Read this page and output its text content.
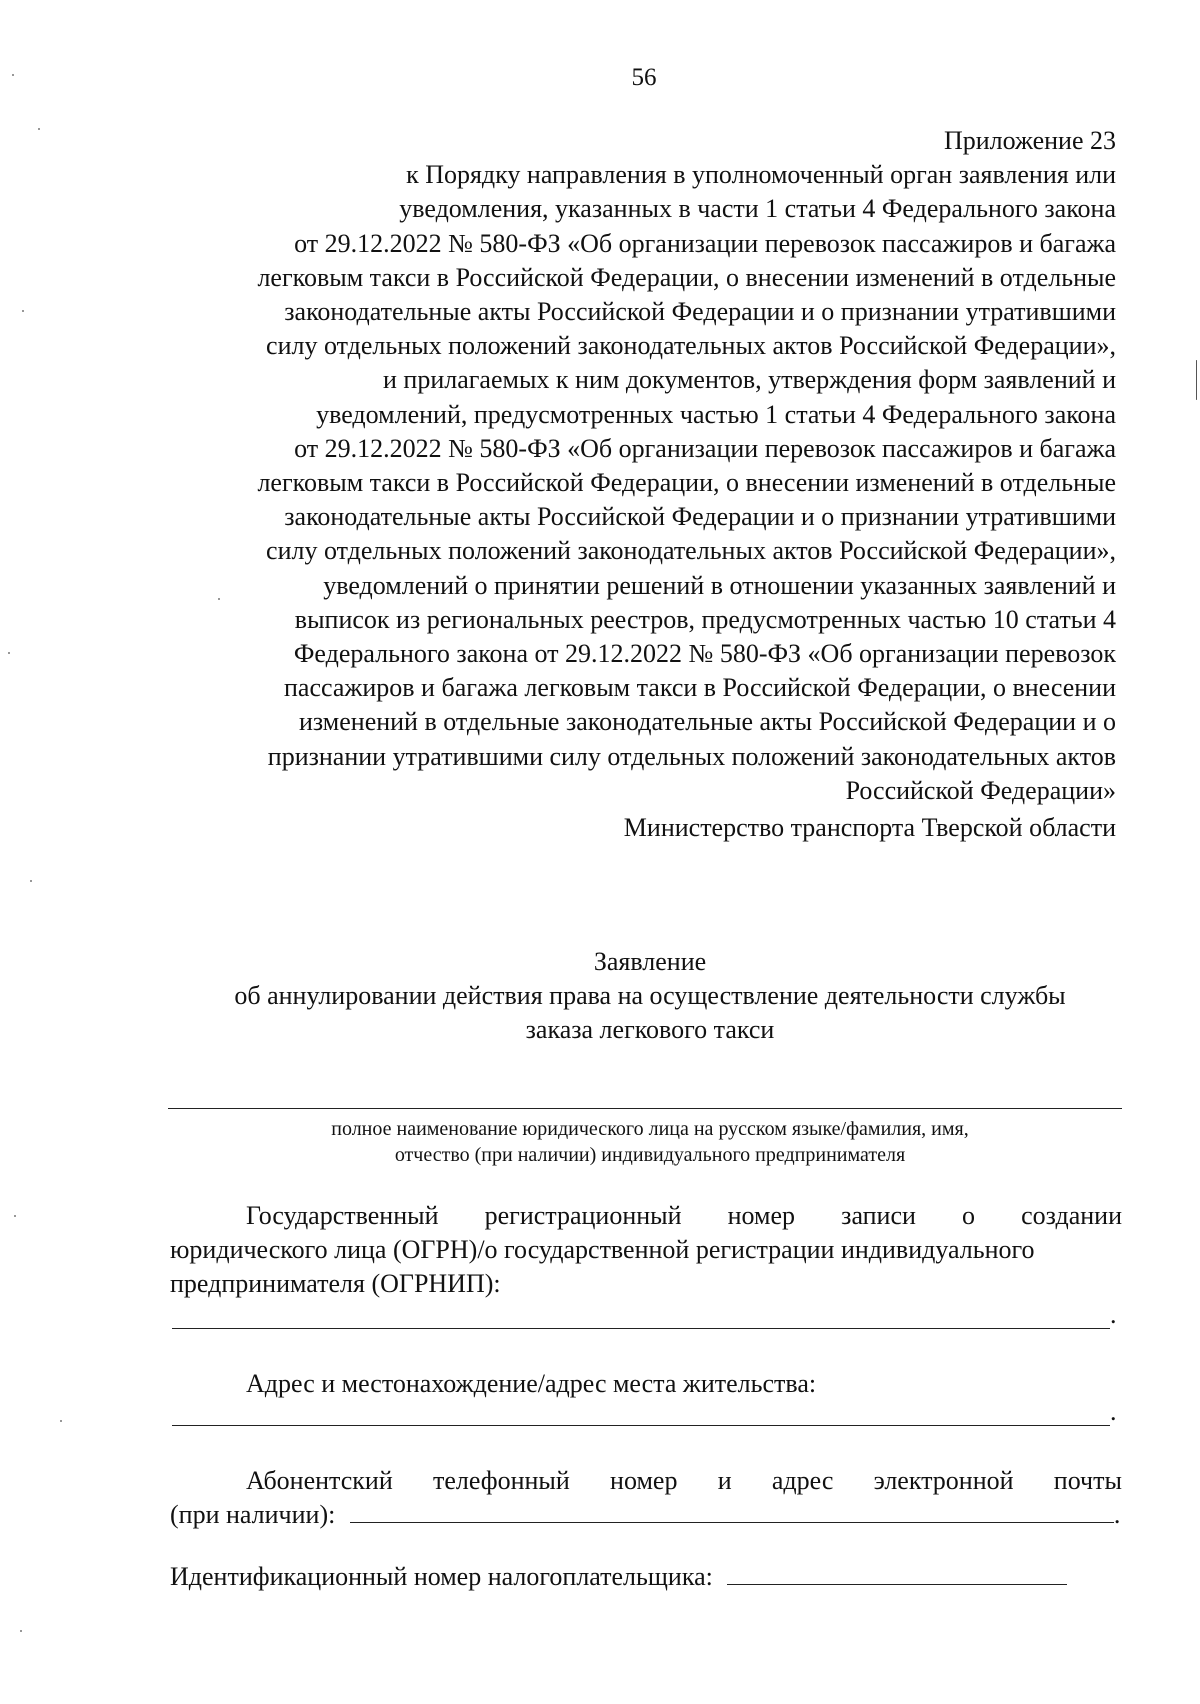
56
Приложение 23
к Порядку направления в уполномоченный орган заявления или
уведомления, указанных в части 1 статьи 4 Федерального закона
от 29.12.2022 № 580-ФЗ «Об организации перевозок пассажиров и багажа
легковым такси в Российской Федерации, о внесении изменений в отдельные
законодательные акты Российской Федерации и о признании утратившими
силу отдельных положений законодательных актов Российской Федерации»,
и прилагаемых к ним документов, утверждения форм заявлений и
уведомлений, предусмотренных частью 1 статьи 4 Федерального закона
от 29.12.2022 № 580-ФЗ «Об организации перевозок пассажиров и багажа
легковым такси в Российской Федерации, о внесении изменений в отдельные
законодательные акты Российской Федерации и о признании утратившими
силу отдельных положений законодательных актов Российской Федерации»,
уведомлений о принятии решений в отношении указанных заявлений и
выписок из региональных реестров, предусмотренных частью 10 статьи 4
Федерального закона от 29.12.2022 № 580-ФЗ «Об организации перевозок
пассажиров и багажа легковым такси в Российской Федерации, о внесении
изменений в отдельные законодательные акты Российской Федерации и о
признании утратившими силу отдельных положений законодательных актов
Российской Федерации»
Министерство транспорта Тверской области
Заявление
об аннулировании действия права на осуществление деятельности службы
заказа легкового такси
полное наименование юридического лица на русском языке/фамилия, имя,
отчество (при наличии) индивидуального предпринимателя
Государственный регистрационный номер записи о создании
юридического лица (ОГРН)/о государственной регистрации индивидуального
предпринимателя (ОГРНИП):
.
Адрес и местонахождение/адрес места жительства:
.
Абонентский телефонный номер и адрес электронной почты
(при наличии):	.
Идентификационный номер налогоплательщика:
